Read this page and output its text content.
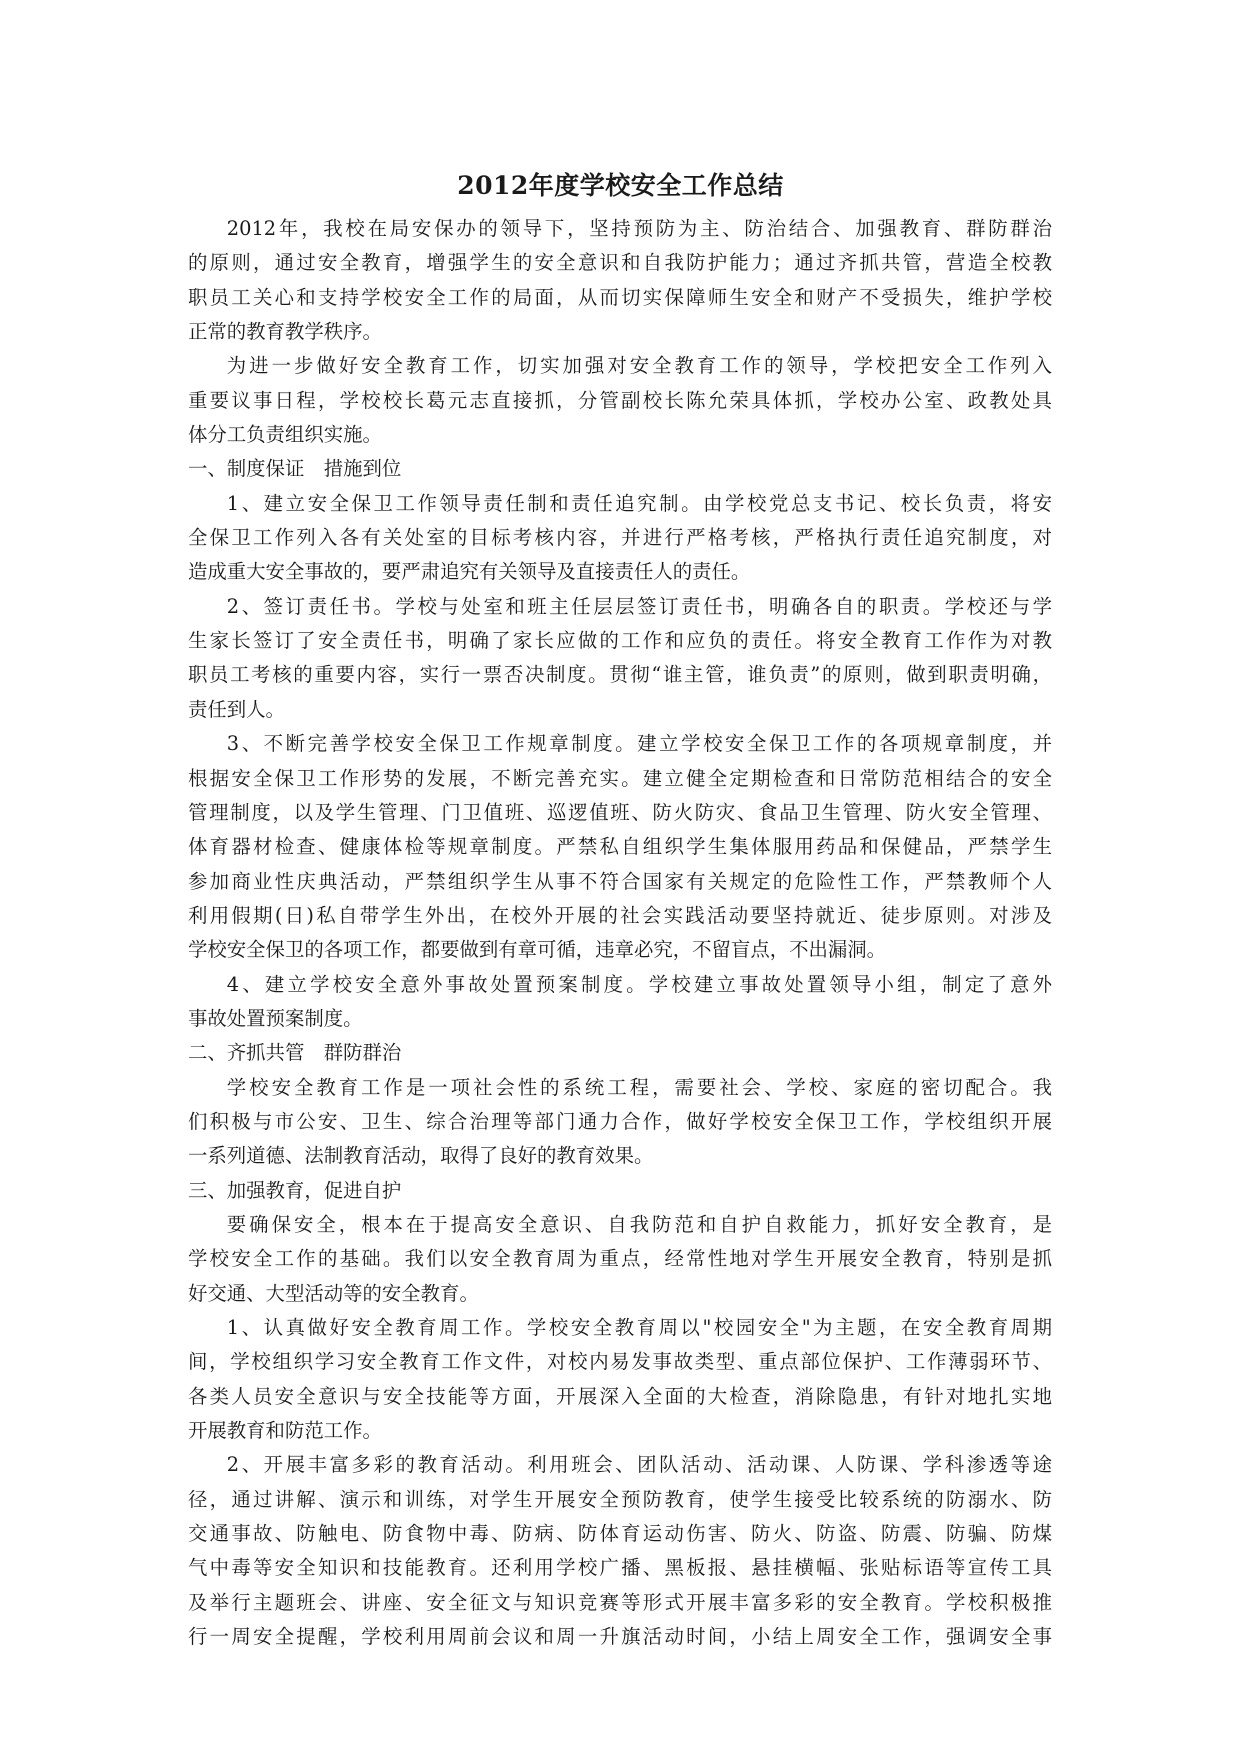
2012年度学校安全工作总结
2012年，我校在局安保办的领导下，坚持预防为主、防治结合、加强教育、群防群治
的原则，通过安全教育，增强学生的安全意识和自我防护能力；通过齐抓共管，营造全校教
职员工关心和支持学校安全工作的局面，从而切实保障师生安全和财产不受损失，维护学校
正常的教育教学秩序。
为进一步做好安全教育工作，切实加强对安全教育工作的领导，学校把安全工作列入
重要议事日程，学校校长葛元志直接抓，分管副校长陈允荣具体抓，学校办公室、政教处具
体分工负责组织实施。
一、制度保证　措施到位
1、建立安全保卫工作领导责任制和责任追究制。由学校党总支书记、校长负责，将安
全保卫工作列入各有关处室的目标考核内容，并进行严格考核，严格执行责任追究制度，对
造成重大安全事故的，要严肃追究有关领导及直接责任人的责任。
2、签订责任书。学校与处室和班主任层层签订责任书，明确各自的职责。学校还与学
生家长签订了安全责任书，明确了家长应做的工作和应负的责任。将安全教育工作作为对教
职员工考核的重要内容，实行一票否决制度。贯彻“谁主管，谁负责”的原则，做到职责明确，
责任到人。
3、不断完善学校安全保卫工作规章制度。建立学校安全保卫工作的各项规章制度，并
根据安全保卫工作形势的发展，不断完善充实。建立健全定期检查和日常防范相结合的安全
管理制度，以及学生管理、门卫值班、巡逻值班、防火防灾、食品卫生管理、防火安全管理、
体育器材检查、健康体检等规章制度。严禁私自组织学生集体服用药品和保健品，严禁学生
参加商业性庆典活动，严禁组织学生从事不符合国家有关规定的危险性工作，严禁教师个人
利用假期(日)私自带学生外出，在校外开展的社会实践活动要坚持就近、徒步原则。对涉及
学校安全保卫的各项工作，都要做到有章可循，违章必究，不留盲点，不出漏洞。
4、建立学校安全意外事故处置预案制度。学校建立事故处置领导小组，制定了意外
事故处置预案制度。
二、齐抓共管　群防群治
学校安全教育工作是一项社会性的系统工程，需要社会、学校、家庭的密切配合。我
们积极与市公安、卫生、综合治理等部门通力合作，做好学校安全保卫工作，学校组织开展
一系列道德、法制教育活动，取得了良好的教育效果。
三、加强教育，促进自护
要确保安全，根本在于提高安全意识、自我防范和自护自救能力，抓好安全教育，是
学校安全工作的基础。我们以安全教育周为重点，经常性地对学生开展安全教育，特别是抓
好交通、大型活动等的安全教育。
1、认真做好安全教育周工作。学校安全教育周以"校园安全"为主题，在安全教育周期
间，学校组织学习安全教育工作文件，对校内易发事故类型、重点部位保护、工作薄弱环节、
各类人员安全意识与安全技能等方面，开展深入全面的大检查，消除隐患，有针对地扎实地
开展教育和防范工作。
2、开展丰富多彩的教育活动。利用班会、团队活动、活动课、人防课、学科渗透等途
径，通过讲解、演示和训练，对学生开展安全预防教育，使学生接受比较系统的防溺水、防
交通事故、防触电、防食物中毒、防病、防体育运动伤害、防火、防盗、防震、防骗、防煤
气中毒等安全知识和技能教育。还利用学校广播、黑板报、悬挂横幅、张贴标语等宣传工具
及举行主题班会、讲座、安全征文与知识竞赛等形式开展丰富多彩的安全教育。学校积极推
行一周安全提醒，学校利用周前会议和周一升旗活动时间，小结上周安全工作，强调安全事
